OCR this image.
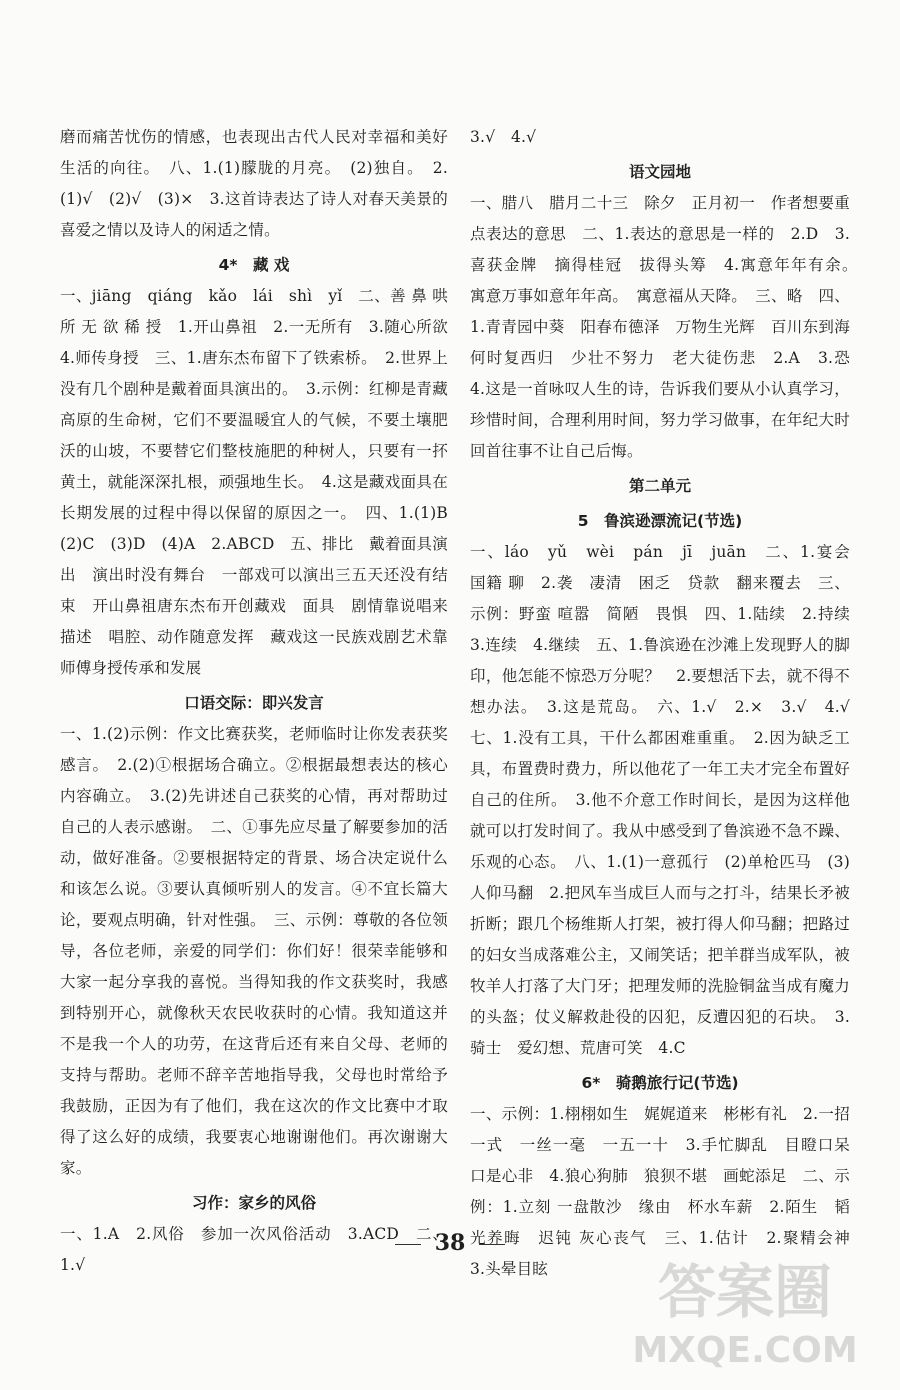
磨而痛苦忧伤的情感，也表现出古代人民对幸福和美好生活的向往。　八、1.(1)朦胧的月亮。　(2)独自。　2.(1)√　(2)√　(3)×　3.这首诗表达了诗人对春天美景的喜爱之情以及诗人的闲适之情。
4*　藏 戏
一、jiāng　qiáng　kǎo　lái　shì　yǐ　二、善 鼻 哄 所 无 欲 稀 授　1.开山鼻祖　2.一无所有　3.随心所欲　4.师传身授　三、1.唐东杰布留下了铁索桥。　2.世界上没有几个剧种是戴着面具演出的。　3.示例：红柳是青藏高原的生命树，它们不要温暖宜人的气候，不要土壤肥沃的山坡，不要替它们整枝施肥的种树人，只要有一抔黄土，就能深深扎根，顽强地生长。　4.这是藏戏面具在长期发展的过程中得以保留的原因之一。　四、1.(1)B　(2)C　(3)D　(4)A　2.ABCD　五、排比　戴着面具演出　演出时没有舞台　一部戏可以演出三五天还没有结束　开山鼻祖唐东杰布开创藏戏　面具　剧情靠说唱来描述　唱腔、动作随意发挥　藏戏这一民族戏剧艺术靠师傅身授传承和发展
口语交际：即兴发言
一、1.(2)示例：作文比赛获奖，老师临时让你发表获奖感言。　2.(2)①根据场合确立。②根据最想表达的核心内容确立。　3.(2)先讲述自己获奖的心情，再对帮助过自己的人表示感谢。　二、①事先应尽量了解要参加的活动，做好准备。②要根据特定的背景、场合决定说什么和该怎么说。③要认真倾听别人的发言。④不宜长篇大论，要观点明确，针对性强。　三、示例：尊敬的各位领导，各位老师，亲爱的同学们：你们好！很荣幸能够和大家一起分享我的喜悦。当得知我的作文获奖时，我感到特别开心，就像秋天农民收获时的心情。我知道这并不是我一个人的功劳，在这背后还有来自父母、老师的支持与帮助。老师不辞辛苦地指导我，父母也时常给予我鼓励，正因为有了他们，我在这次的作文比赛中才取得了这么好的成绩，我要衷心地谢谢他们。再次谢谢大家。
习作：家乡的风俗
一、1.A　2.风俗　参加一次风俗活动　3.ACD　二、1.√
3.√　4.√
语文园地
一、腊八　腊月二十三　除夕　正月初一　作者想要重点表达的意思　二、1.表达的意思是一样的　2.D　3.喜获金牌　摘得桂冠　拔得头筹　4.寓意年年有余。　寓意万事如意年年高。　寓意福从天降。　三、略　四、1.青青园中葵　阳春布德泽　万物生光辉　百川东到海　何时复西归　少壮不努力　老大徒伤悲　2.A　3.恐　4.这是一首咏叹人生的诗，告诉我们要从小认真学习，珍惜时间，合理利用时间，努力学习做事，在年纪大时回首往事不让自己后悔。
第二单元
5　鲁滨逊漂流记(节选)
一、láo　yǔ　wèi　pán　jī　juān　二、1.宴会　国籍 聊　2.袭　凄清　困乏　贷款　翻来覆去　三、示例：野蛮 喧嚣　简陋　畏惧　四、1.陆续　2.持续　3.连续　4.继续　五、1.鲁滨逊在沙滩上发现野人的脚印，他怎能不惊恐万分呢？　2.要想活下去，就不得不想办法。　3.这是荒岛。　六、1.√　2.×　3.√　4.√　七、1.没有工具，干什么都困难重重。　2.因为缺乏工具，布置费时费力，所以他花了一年工夫才完全布置好自己的住所。　3.他不介意工作时间长，是因为这样他就可以打发时间了。我从中感受到了鲁滨逊不急不躁、乐观的心态。　八、1.(1)一意孤行　(2)单枪匹马　(3)人仰马翻　2.把风车当成巨人而与之打斗，结果长矛被折断；跟几个杨维斯人打架，被打得人仰马翻；把路过的妇女当成落难公主，又闹笑话；把羊群当成军队，被牧羊人打落了大门牙；把理发师的洗脸铜盆当成有魔力的头盔；仗义解救赴役的囚犯，反遭囚犯的石块。　3.骑士　爱幻想、荒唐可笑　4.C
6*　骑鹅旅行记(节选)
一、示例：1.栩栩如生　娓娓道来　彬彬有礼　2.一招一式　一丝一毫　一五一十　3.手忙脚乱　目瞪口呆　口是心非　4.狼心狗肺　狼狈不堪　画蛇添足　二、示例：1.立刻 一盘散沙　缘由　杯水车薪　2.陌生　韬光养晦　迟钝 灰心丧气　三、1.估计　2.聚精会神　3.头晕目眩
38
答案圈
MXQE.COM
